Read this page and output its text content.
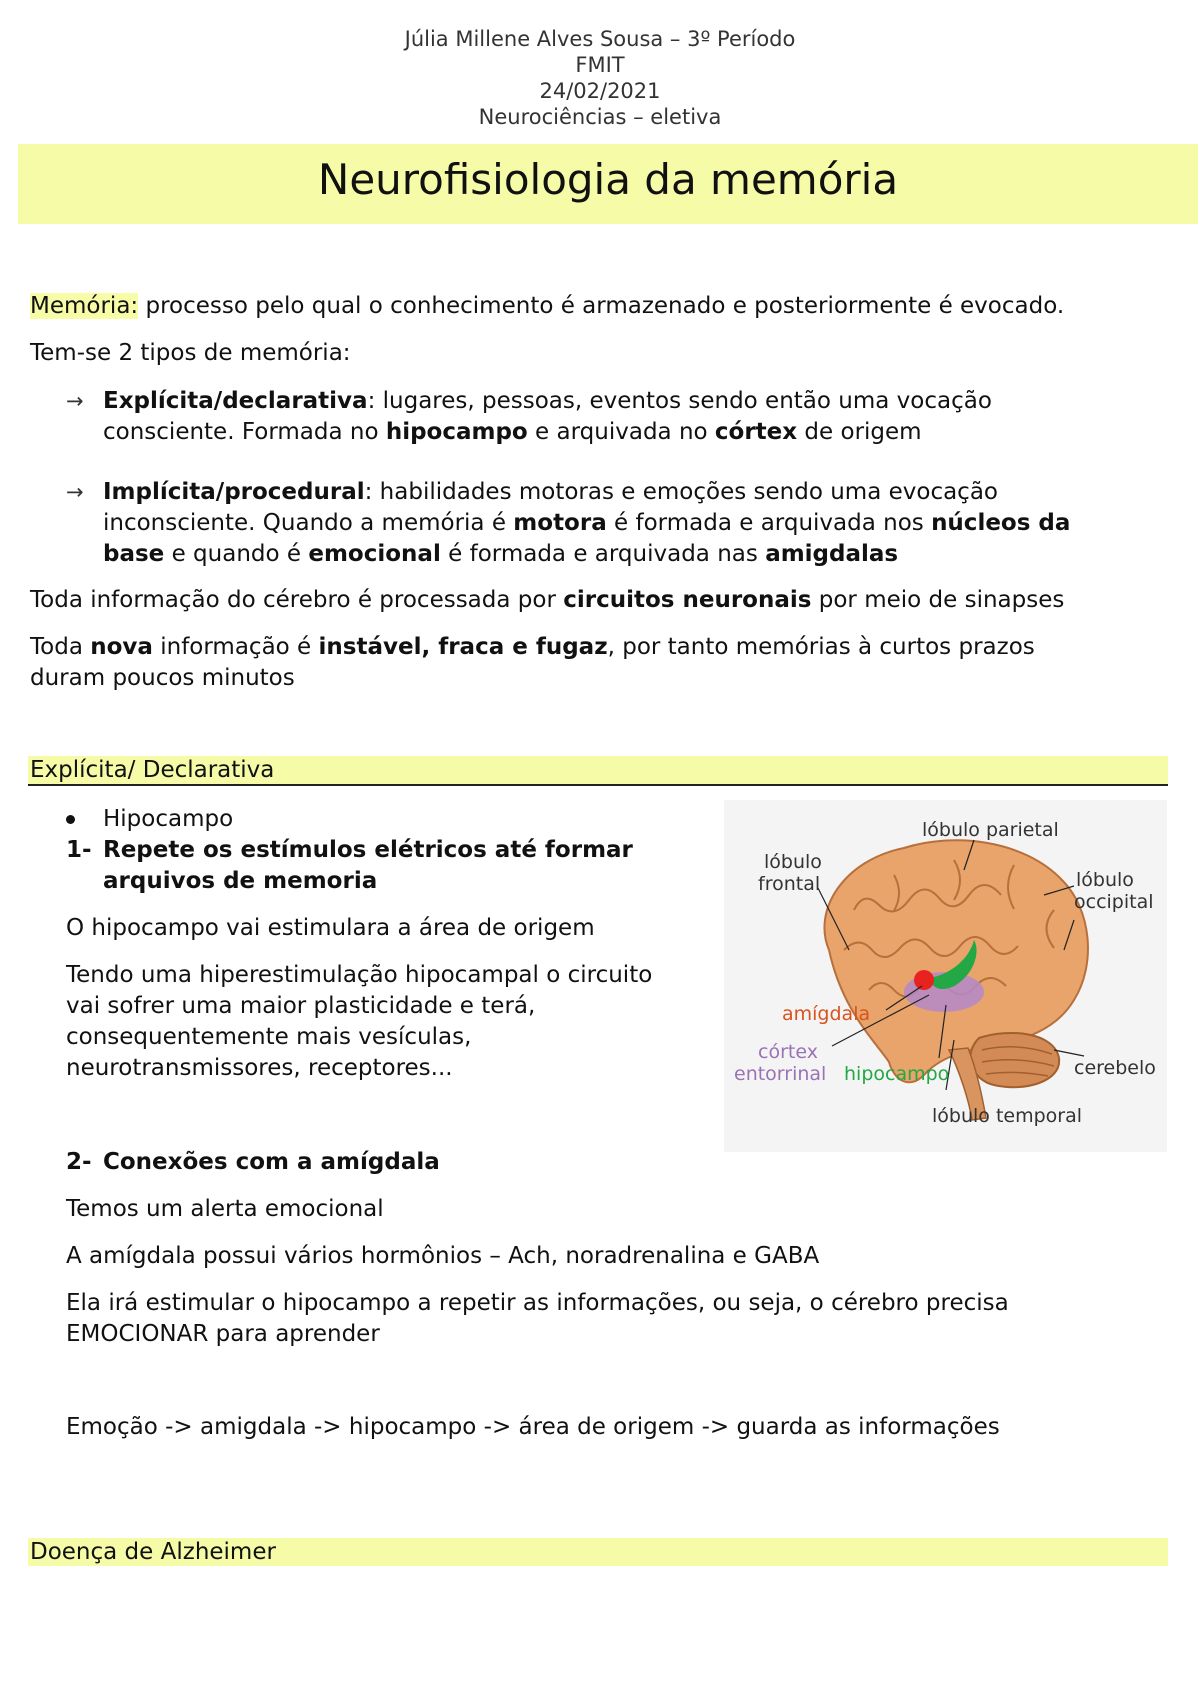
Júlia Millene Alves Sousa – 3º Período
FMIT
24/02/2021
Neurociências – eletiva
Neurofisiologia da memória

Memória: processo pelo qual o conhecimento é armazenado e posteriormente é evocado.

Tem-se 2 tipos de memória:

→ Explícita/declarativa: lugares, pessoas, eventos sendo então uma vocação

consciente. Formada no hipocampo e arquivada no córtex de origem

→ Implícita/procedural: habilidades motoras e emoções sendo uma evocação

inconsciente. Quando a memória é motora é formada e arquivada nos núcleos da

base e quando é emocional é formada e arquivada nas amigdalas

Toda informação do cérebro é processada por circuitos neuronais por meio de sinapses

Toda nova informação é instável, fraca e fugaz, por tanto memórias à curtos prazos

duram poucos minutos

Explícita/ Declarativa

Hipocampo

1- Repete os estímulos elétricos até formar

arquivos de memoria

O hipocampo vai estimulara a área de origem

Tendo uma hiperestimulação hipocampal o circuito

vai sofrer uma maior plasticidade e terá,

consequentemente mais vesículas,

neurotransmissores, receptores...

2- Conexões com a amígdala

Temos um alerta emocional

A amígdala possui vários hormônios – Ach, noradrenalina e GABA

Ela irá estimular o hipocampo a repetir as informações, ou seja, o cérebro precisa

EMOCIONAR para aprender

Emoção -> amigdala -> hipocampo -> área de origem -> guarda as informações

lóbulo parietal
lóbulo
frontal	lóbulo
occipital
amígdala
córtex
entorrinal hipocampo	cerebelo
lóbulo temporal
Doença de Alzheimer
